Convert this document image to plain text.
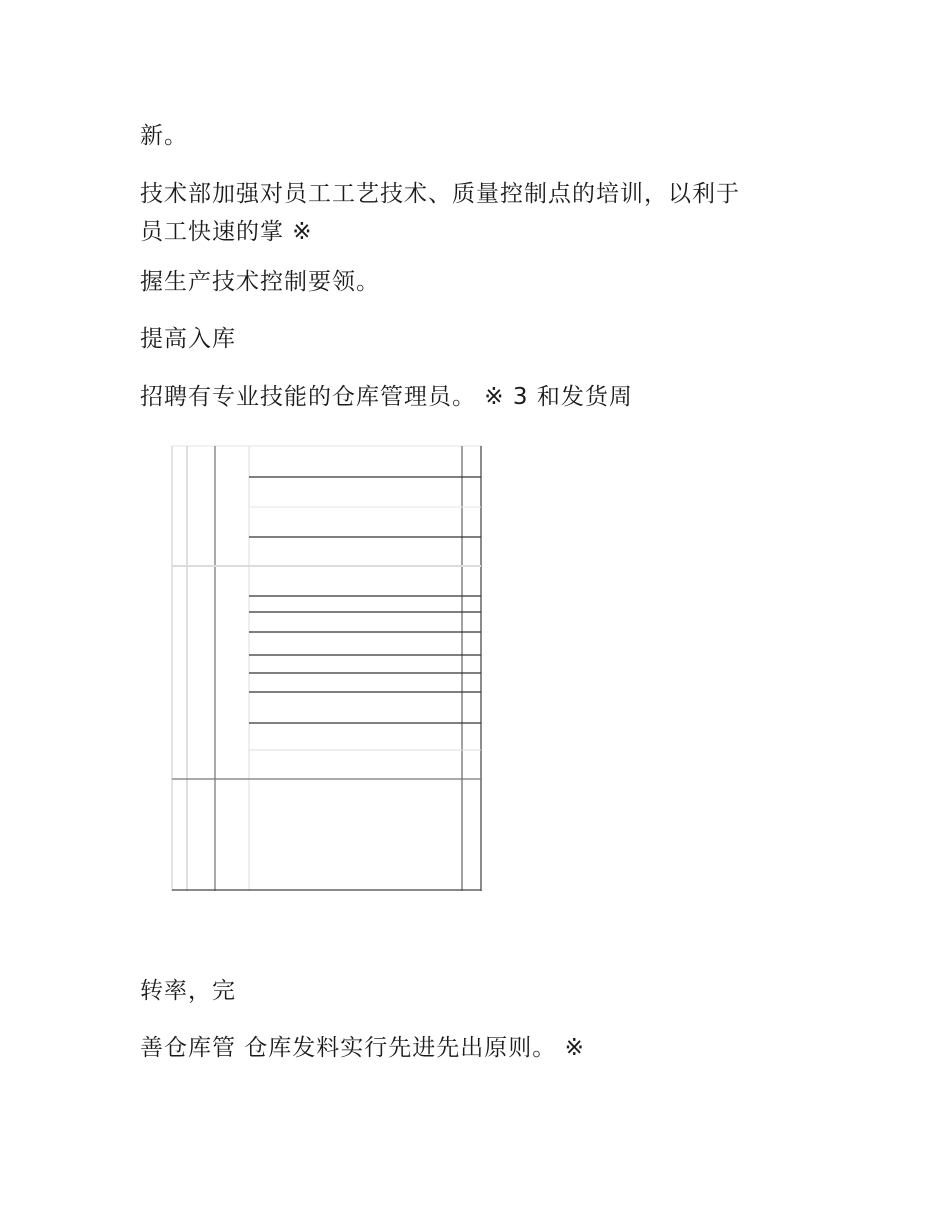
新。
技术部加强对员工工艺技术、质量控制点的培训，以利于
员工快速的掌 ※
握生产技术控制要领。
提高入库
招聘有专业技能的仓库管理员。 ※ 3 和发货周
转率，完
善仓库管 仓库发料实行先进先出原则。 ※
